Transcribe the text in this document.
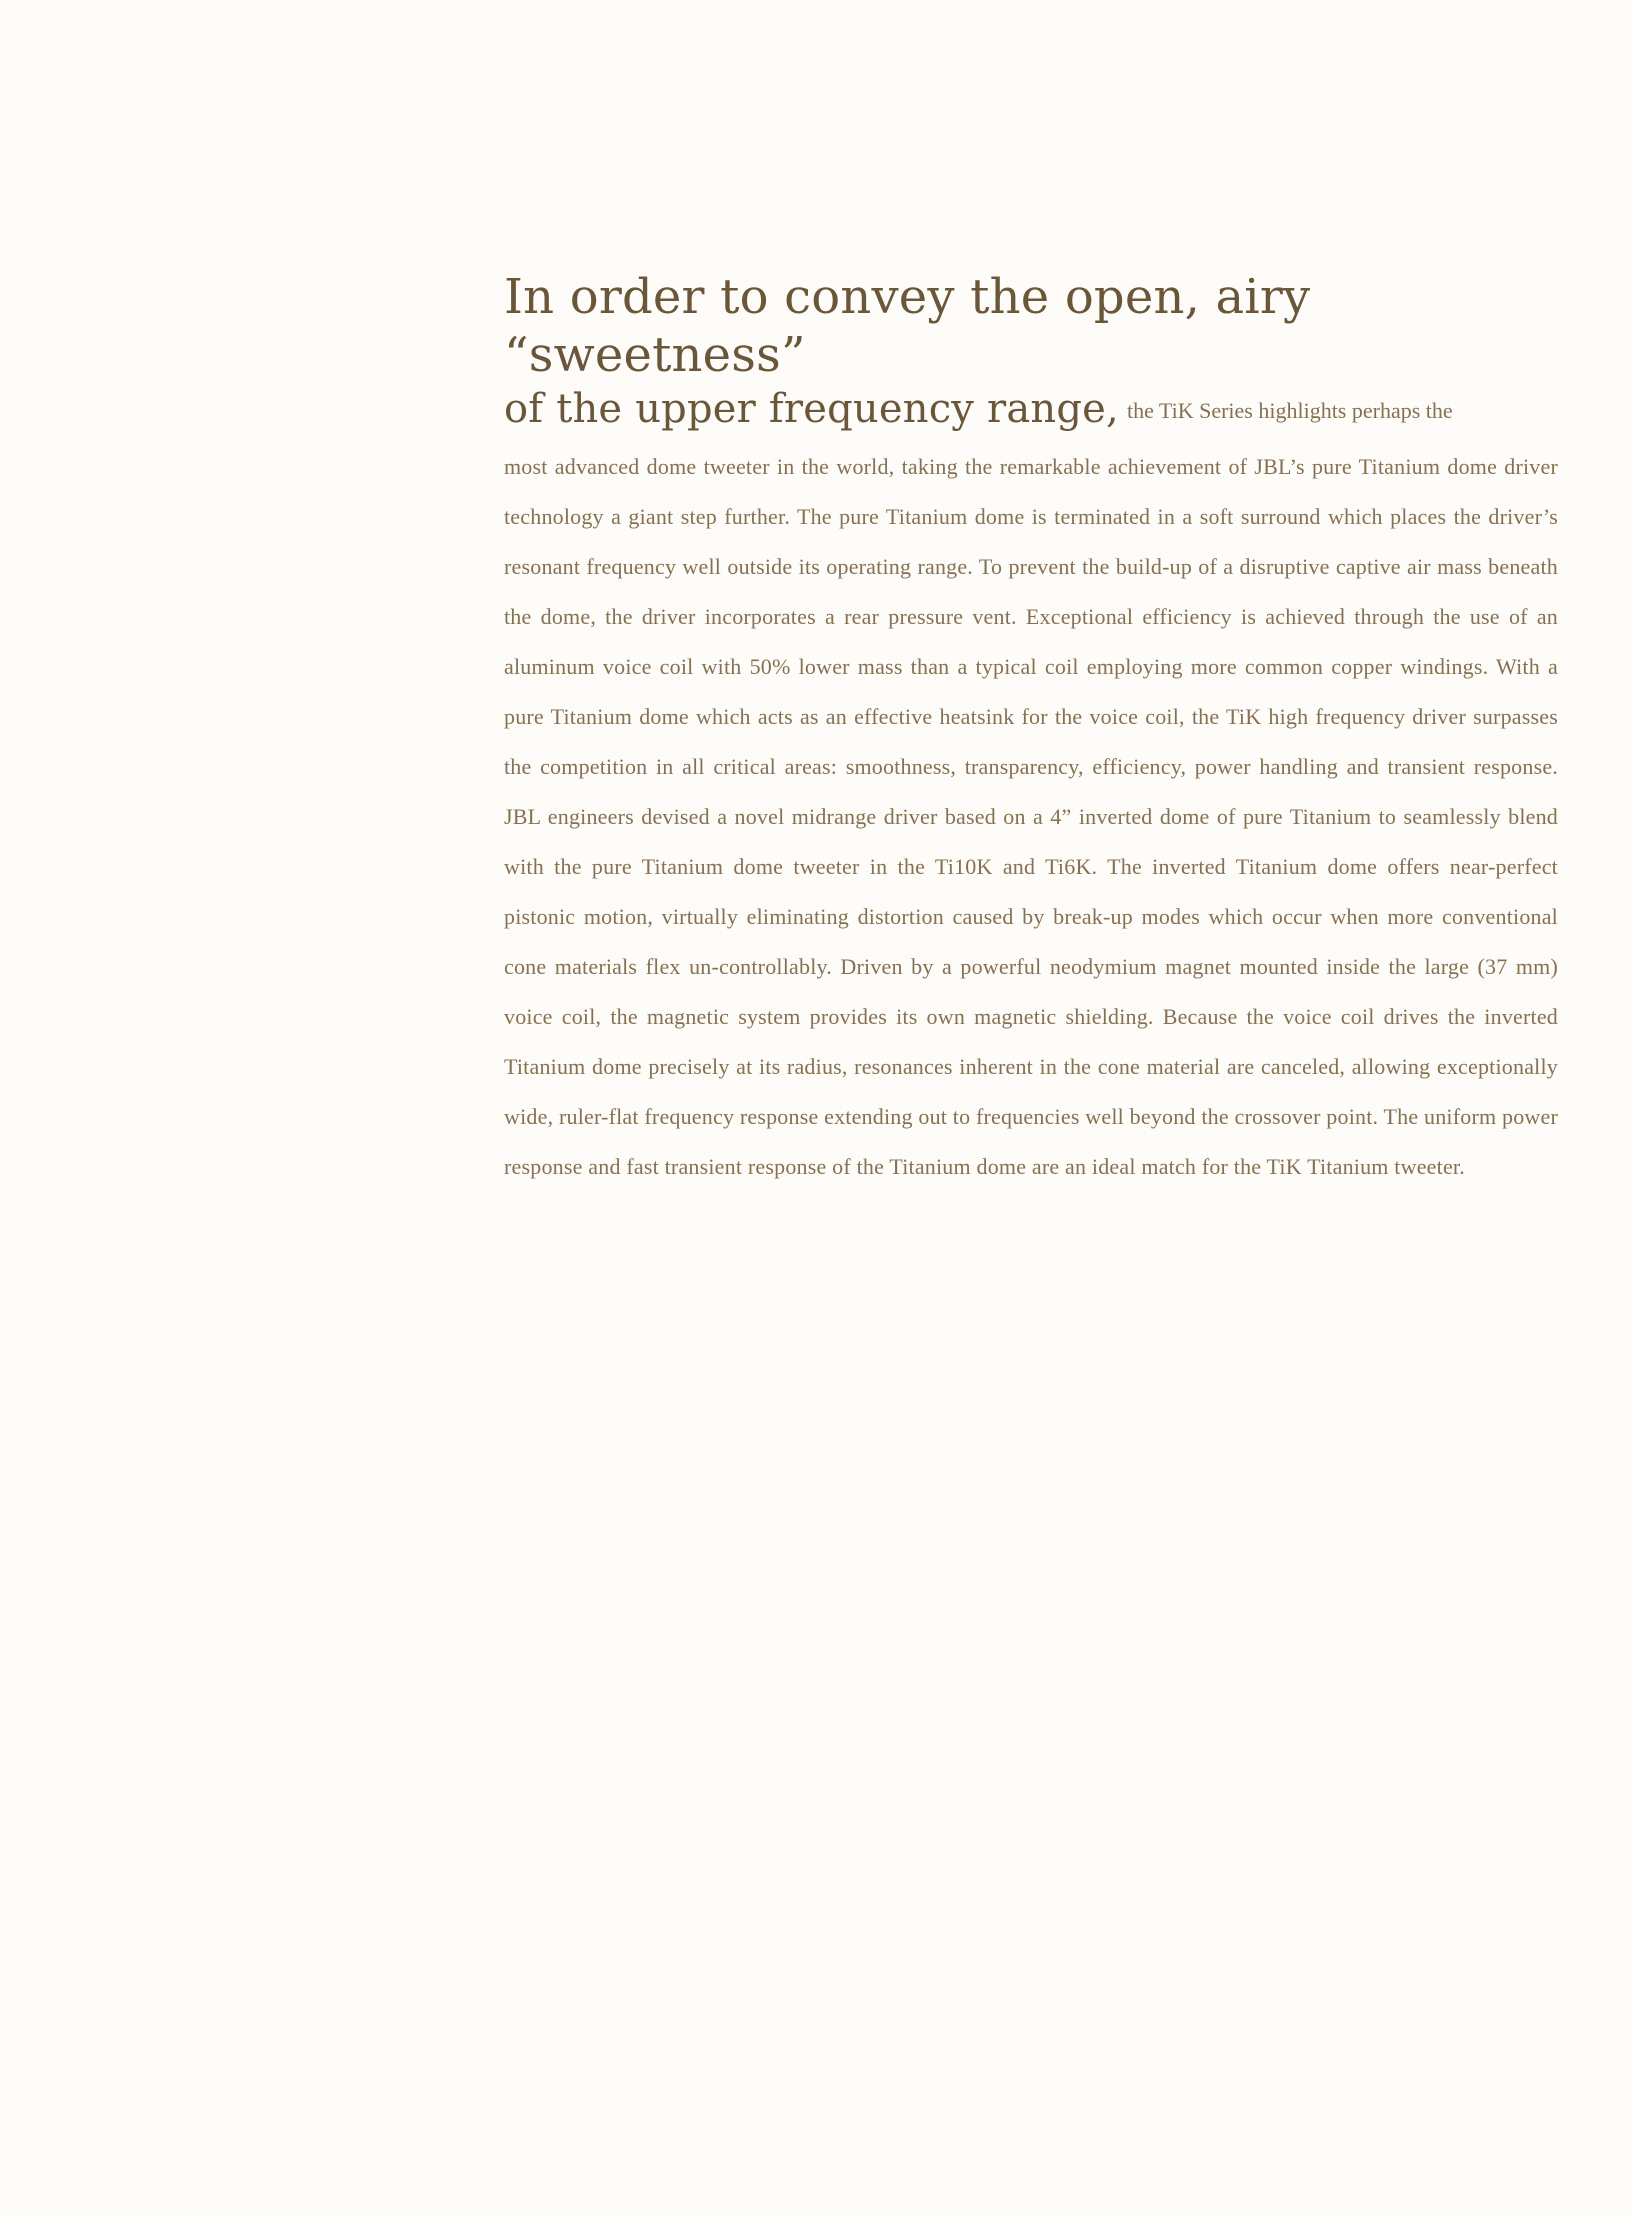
In order to convey the open, airy “sweetness”

of the upper frequency range, the TiK Series highlights perhaps the

most advanced dome tweeter in the world, taking the remarkable achievement of JBL’s pure Titanium dome driver technology a giant step further. The pure Titanium dome is terminated in a soft surround which places the driver’s resonant frequency well outside its operating range. To prevent the build-up of a disruptive captive air mass beneath the dome, the driver incorporates a rear pressure vent. Exceptional efficiency is achieved through the use of an aluminum voice coil with 50% lower mass than a typical coil employing more common copper windings. With a pure Titanium dome which acts as an effective heatsink for the voice coil, the TiK high frequency driver surpasses the competition in all critical areas: smoothness, transparency, efficiency, power handling and transient response. JBL engineers devised a novel midrange driver based on a 4” inverted dome of pure Titanium to seamlessly blend with the pure Titanium dome tweeter in the Ti10K and Ti6K. The inverted Titanium dome offers near-perfect pistonic motion, virtually eliminating distortion caused by break-up modes which occur when more conventional cone materials flex un-controllably. Driven by a powerful neodymium magnet mounted inside the large (37 mm) voice coil, the magnetic system provides its own magnetic shielding. Because the voice coil drives the inverted Titanium dome precisely at its radius, resonances inherent in the cone material are canceled, allowing exceptionally wide, ruler-flat frequency response extending out to frequencies well beyond the crossover point. The uniform power response and fast transient response of the Titanium dome are an ideal match for the TiK Titanium tweeter.
